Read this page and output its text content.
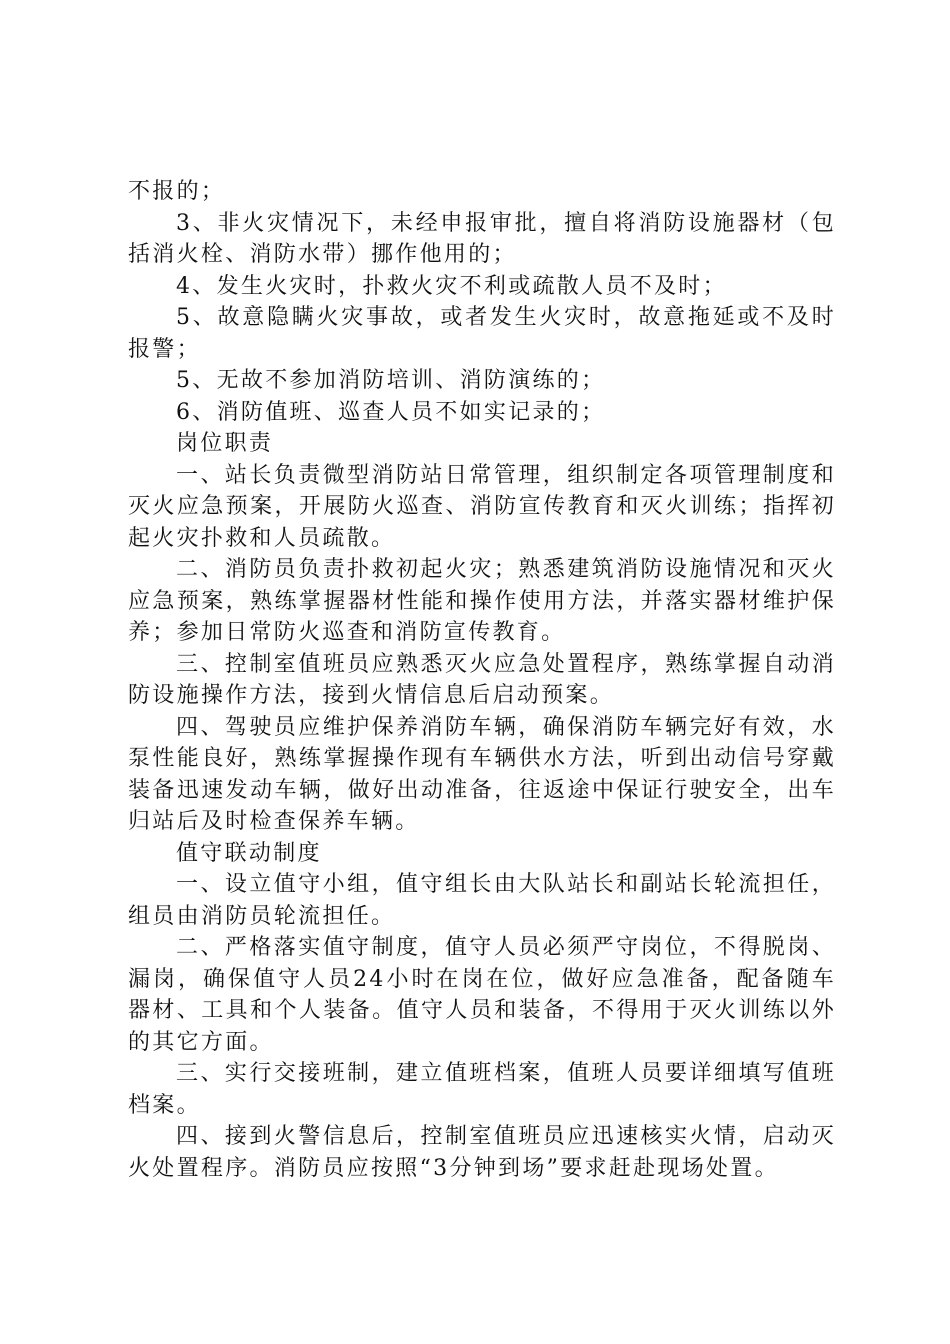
不报的；

3、非火灾情况下，未经申报审批，擅自将消防设施器材（包括消火栓、消防水带）挪作他用的；

4、发生火灾时，扑救火灾不利或疏散人员不及时；

5、故意隐瞒火灾事故，或者发生火灾时，故意拖延或不及时报警；

5、无故不参加消防培训、消防演练的；

6、消防值班、巡查人员不如实记录的；

岗位职责

一、站长负责微型消防站日常管理，组织制定各项管理制度和灭火应急预案，开展防火巡查、消防宣传教育和灭火训练；指挥初起火灾扑救和人员疏散。

二、消防员负责扑救初起火灾；熟悉建筑消防设施情况和灭火应急预案，熟练掌握器材性能和操作使用方法，并落实器材维护保养；参加日常防火巡查和消防宣传教育。

三、控制室值班员应熟悉灭火应急处置程序，熟练掌握自动消防设施操作方法，接到火情信息后启动预案。

四、驾驶员应维护保养消防车辆，确保消防车辆完好有效，水泵性能良好，熟练掌握操作现有车辆供水方法，听到出动信号穿戴装备迅速发动车辆，做好出动准备，往返途中保证行驶安全，出车归站后及时检查保养车辆。

值守联动制度

一、设立值守小组，值守组长由大队站长和副站长轮流担任，组员由消防员轮流担任。

二、严格落实值守制度，值守人员必须严守岗位，不得脱岗、漏岗，确保值守人员24小时在岗在位，做好应急准备，配备随车器材、工具和个人装备。值守人员和装备，不得用于灭火训练以外的其它方面。

三、实行交接班制，建立值班档案，值班人员要详细填写值班档案。

四、接到火警信息后，控制室值班员应迅速核实火情，启动灭火处置程序。消防员应按照“3分钟到场”要求赶赴现场处置。
